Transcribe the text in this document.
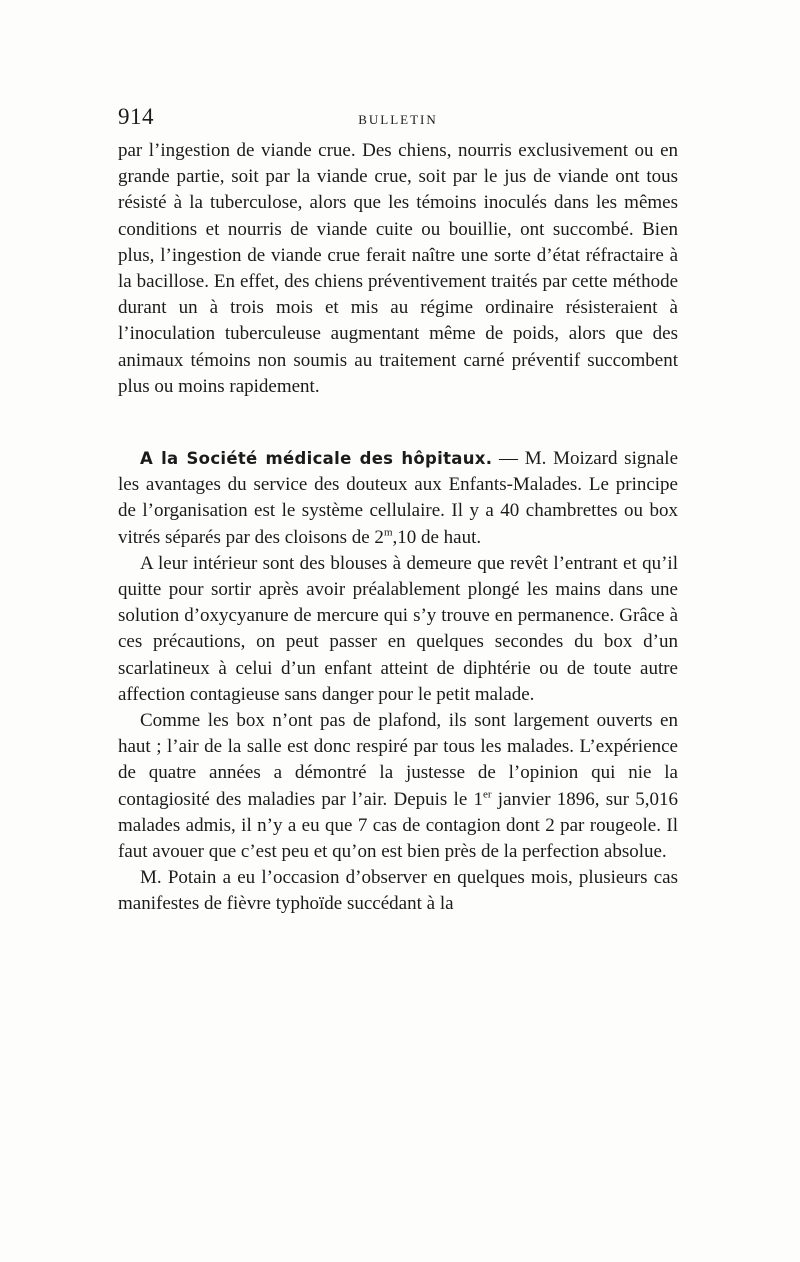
914	BULLETIN

par l’ingestion de viande crue. Des chiens, nourris exclusivement ou en grande partie, soit par la viande crue, soit par le jus de viande ont tous résisté à la tuberculose, alors que les témoins inoculés dans les mêmes conditions et nourris de viande cuite ou bouillie, ont succombé. Bien plus, l’ingestion de viande crue ferait naître une sorte d’état réfractaire à la bacillose. En effet, des chiens préventivement traités par cette méthode durant un à trois mois et mis au régime ordinaire résisteraient à l’inoculation tuberculeuse augmentant même de poids, alors que des animaux témoins non soumis au traitement carné préventif succombent plus ou moins rapidement.

A la Société médicale des hôpitaux. — M. Moizard signale les avantages du service des douteux aux Enfants-Malades. Le principe de l’organisation est le système cellulaire. Il y a 40 chambrettes ou box vitrés séparés par des cloisons de 2$^m$,10 de haut.

A leur intérieur sont des blouses à demeure que revêt l’entrant et qu’il quitte pour sortir après avoir préalablement plongé les mains dans une solution d’oxycyanure de mercure qui s’y trouve en permanence. Grâce à ces précautions, on peut passer en quelques secondes du box d’un scarlatineux à celui d’un enfant atteint de diphtérie ou de toute autre affection contagieuse sans danger pour le petit malade.

Comme les box n’ont pas de plafond, ils sont largement ouverts en haut ; l’air de la salle est donc respiré par tous les malades. L’expérience de quatre années a démontré la justesse de l’opinion qui nie la contagiosité des maladies par l’air. Depuis le 1er janvier 1896, sur 5,016 malades admis, il n’y a eu que 7 cas de contagion dont 2 par rougeole. Il faut avouer que c’est peu et qu’on est bien près de la perfection absolue.

M. Potain a eu l’occasion d’observer en quelques mois, plusieurs cas manifestes de fièvre typhoïde succédant à la
